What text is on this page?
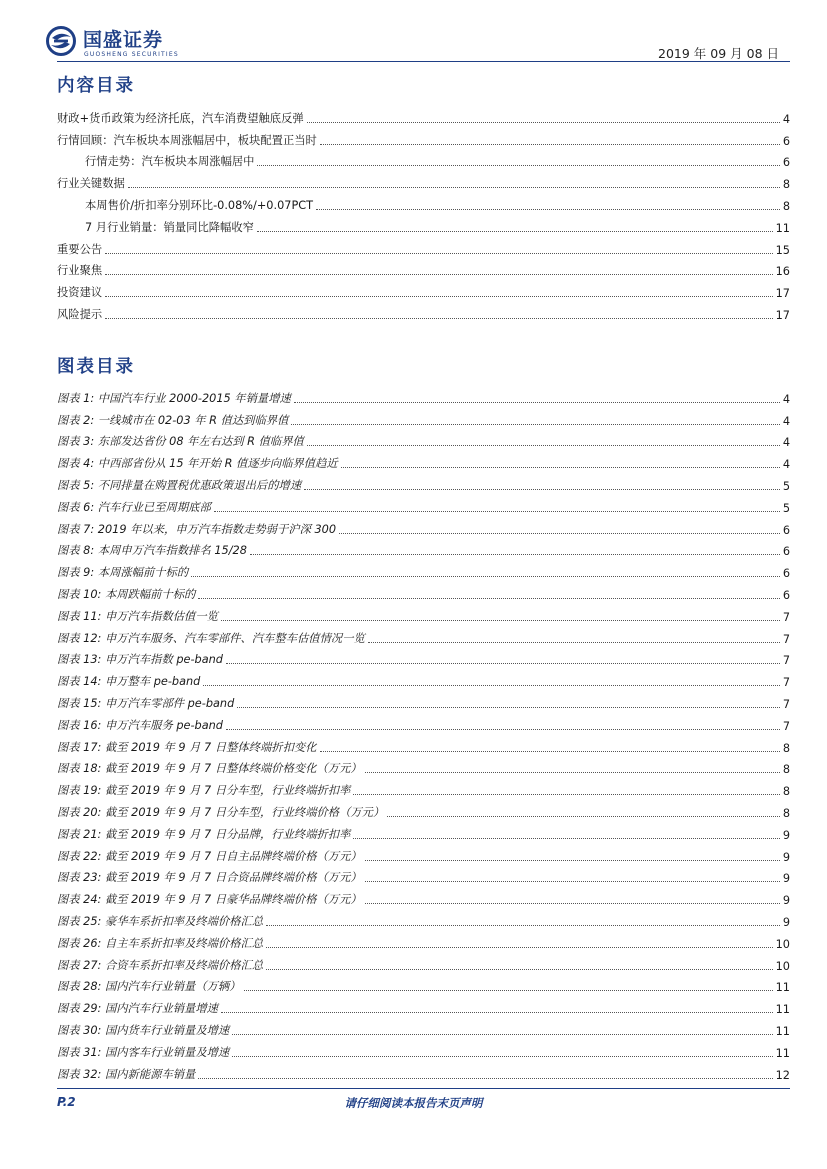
国盛证券
GUOSHENG SECURITIES	2019 年 09 月 08 日
内容目录
财政+货币政策为经济托底，汽车消费望触底反弹	4
行情回顾：汽车板块本周涨幅居中，板块配置正当时	6
行情走势：汽车板块本周涨幅居中	6
行业关键数据	8
本周售价/折扣率分别环比-0.08%/+0.07PCT	8
7 月行业销量：销量同比降幅收窄	11
重要公告	15
行业聚焦	16
投资建议	17
风险提示	17
图表目录
图表 1: 中国汽车行业 2000-2015 年销量增速	4
图表 2: 一线城市在 02-03 年 R 值达到临界值	4
图表 3: 东部发达省份 08 年左右达到 R 值临界值	4
图表 4: 中西部省份从 15 年开始 R 值逐步向临界值趋近	4
图表 5: 不同排量在购置税优惠政策退出后的增速	5
图表 6: 汽车行业已至周期底部	5
图表 7: 2019 年以来，申万汽车指数走势弱于沪深 300	6
图表 8: 本周申万汽车指数排名 15/28	6
图表 9: 本周涨幅前十标的	6
图表 10: 本周跌幅前十标的	6
图表 11: 申万汽车指数估值一览	7
图表 12: 申万汽车服务、汽车零部件、汽车整车估值情况一览	7
图表 13: 申万汽车指数 pe-band	7
图表 14: 申万整车 pe-band	7
图表 15: 申万汽车零部件 pe-band	7
图表 16: 申万汽车服务 pe-band	7
图表 17: 截至 2019 年 9 月 7 日整体终端折扣变化	8
图表 18: 截至 2019 年 9 月 7 日整体终端价格变化（万元）	8
图表 19: 截至 2019 年 9 月 7 日分车型，行业终端折扣率	8
图表 20: 截至 2019 年 9 月 7 日分车型，行业终端价格（万元）	8
图表 21: 截至 2019 年 9 月 7 日分品牌，行业终端折扣率	9
图表 22: 截至 2019 年 9 月 7 日自主品牌终端价格（万元）	9
图表 23: 截至 2019 年 9 月 7 日合资品牌终端价格（万元）	9
图表 24: 截至 2019 年 9 月 7 日豪华品牌终端价格（万元）	9
图表 25: 豪华车系折扣率及终端价格汇总	9
图表 26: 自主车系折扣率及终端价格汇总	10
图表 27: 合资车系折扣率及终端价格汇总	10
图表 28: 国内汽车行业销量（万辆）	11
图表 29: 国内汽车行业销量增速	11
图表 30: 国内货车行业销量及增速	11
图表 31: 国内客车行业销量及增速	11
图表 32: 国内新能源车销量	12
请仔细阅读本报告末页声明
P.2
